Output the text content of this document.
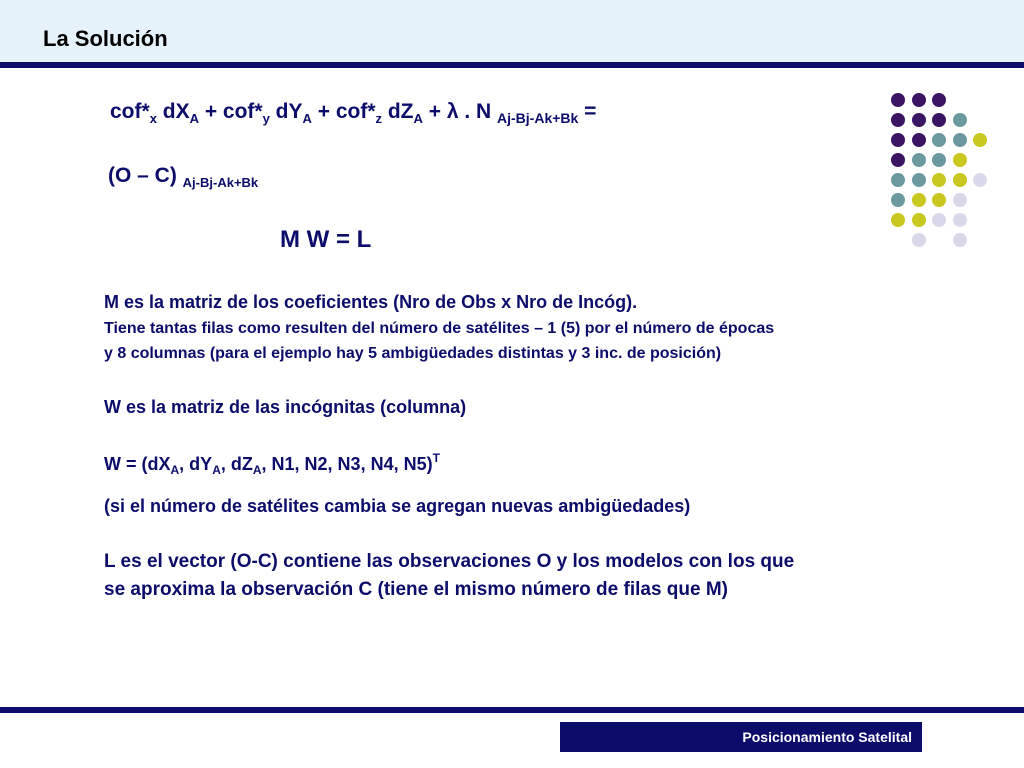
La Solución
$cof*_x$ $dX_A + cof*_y$ $dY_A + cof*_z$ $dZ_A + \lambda$ . N $_{Aj-Bj-Ak+Bk}$ =
(O – C) $_{Aj-Bj-Ak+Bk}$
M W = L
M es la matriz de los coeficientes (Nro de Obs x Nro de Incóg).
Tiene tantas filas como resulten del número de satélites – 1 (5) por el número de épocas
y 8 columnas (para el ejemplo hay 5 ambigüedades distintas y 3 inc. de posición)
W es la matriz de las incógnitas (columna)
$W = (dX_A$, $dY_A$, $dZ_A$, N1, N2, N3, N4, N5)$^T$
(si el número de satélites cambia se agregan nuevas ambigüedades)
L es el vector (O-C) contiene las observaciones O y los modelos con los que
se aproxima la observación C (tiene el mismo número de filas que M)
Posicionamiento Satelital
